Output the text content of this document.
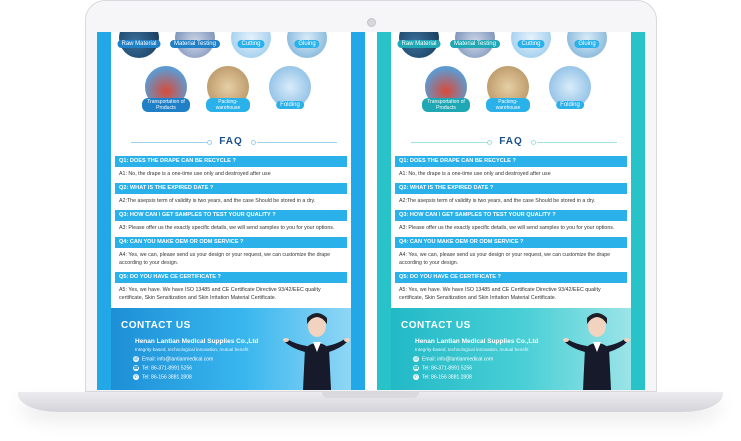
Raw Material	Material Testing	Cutting	Gluing
Transportation of Products
Packing-warehouse	Folding
FAQ
Q1: DOES THE DRAPE CAN BE RECYCLE ?
A1: No, the drape is a one-time use only and destroyed after use
Q2: WHAT IS THE EXPIRED DATE ?
A2:The asepsis term of validity is two years, and the case Should be stored in a dry.
Q3: HOW CAN I GET SAMPLES TO TEST YOUR QUALITY ?
A3: Please offer us the exactly specific details, we will send samples to you for your options.
Q4: CAN YOU MAKE OEM OR ODM SERVICE ?
A4: Yes, we can, please send us your design or your request, we can customize the drape
according to your design.
Q5: DO YOU HAVE CE CERTIFICATE ?
A5: Yes, we have. We have ISO 13485 and CE Certificate Directive 93/42/EEC quality
certificate, Skin Sensitization and Skin Irritation Material Certificate.
CONTACT US
Henan Lantian Medical Supplies Co.,Ltd
Integrity-based, technological innovation, mutual benefit
@ Email: info@lantianmedical.com
☎ Tel: 86-371-8991 5256
✆ Tel: 86-156 3881 2808
Raw Material	Material Testing	Cutting	Gluing
Transportation of Products
Packing-warehouse	Folding
FAQ
Q1: DOES THE DRAPE CAN BE RECYCLE ?
A1: No, the drape is a one-time use only and destroyed after use
Q2: WHAT IS THE EXPIRED DATE ?
A2:The asepsis term of validity is two years, and the case Should be stored in a dry.
Q3: HOW CAN I GET SAMPLES TO TEST YOUR QUALITY ?
A3: Please offer us the exactly specific details, we will send samples to you for your options.
Q4: CAN YOU MAKE OEM OR ODM SERVICE ?
A4: Yes, we can, please send us your design or your request, we can customize the drape
according to your design.
Q5: DO YOU HAVE CE CERTIFICATE ?
A5: Yes, we have. We have ISO 13485 and CE Certificate Directive 93/42/EEC quality
certificate, Skin Sensitization and Skin Irritation Material Certificate.
CONTACT US
Henan Lantian Medical Supplies Co.,Ltd
Integrity-based, technological innovation, mutual benefit
@ Email: info@lantianmedical.com
☎ Tel: 86-371-8991 5256
✆ Tel: 86-156 3881 2808
